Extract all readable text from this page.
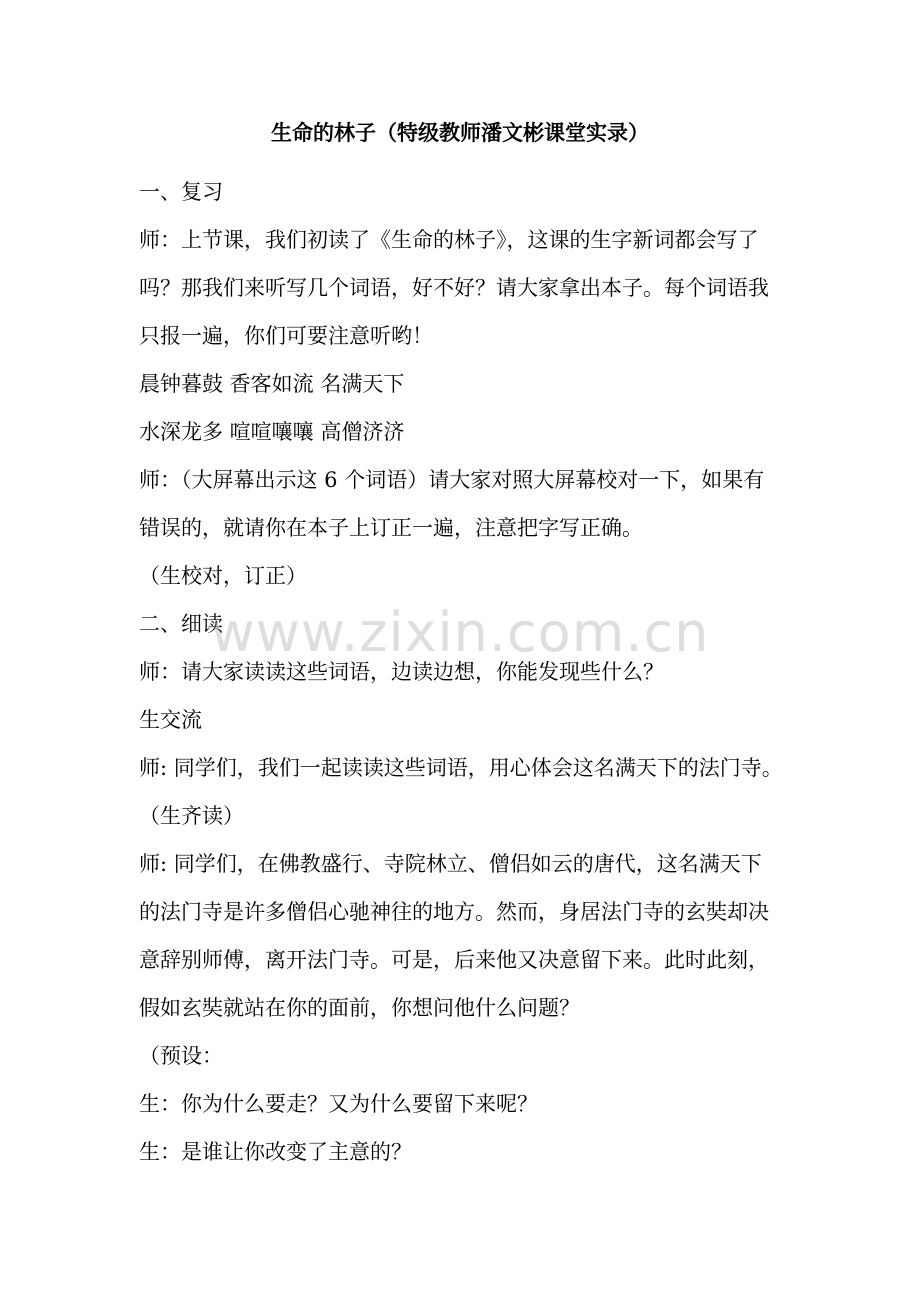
生命的林子（特级教师潘文彬课堂实录）
一、复习
师：上节课，我们初读了《生命的林子》，这课的生字新词都会写了
吗？那我们来听写几个词语，好不好？请大家拿出本子。每个词语我
只报一遍，你们可要注意听哟！
晨钟暮鼓 香客如流 名满天下
水深龙多 喧喧嚷嚷 高僧济济
师：（大屏幕出示这 6 个词语）请大家对照大屏幕校对一下，如果有
错误的，就请你在本子上订正一遍，注意把字写正确。
（生校对，订正）
二、细读
师：请大家读读这些词语，边读边想，你能发现些什么？
生交流
师: 同学们，我们一起读读这些词语，用心体会这名满天下的法门寺。
（生齐读）
师: 同学们，在佛教盛行、寺院林立、僧侣如云的唐代，这名满天下
的法门寺是许多僧侣心驰神往的地方。然而，身居法门寺的玄奘却决
意辞别师傅，离开法门寺。可是，后来他又决意留下来。此时此刻，
假如玄奘就站在你的面前，你想问他什么问题？
（预设：
生：你为什么要走？又为什么要留下来呢？
生：是谁让你改变了主意的？
www.zixin.com.cn
